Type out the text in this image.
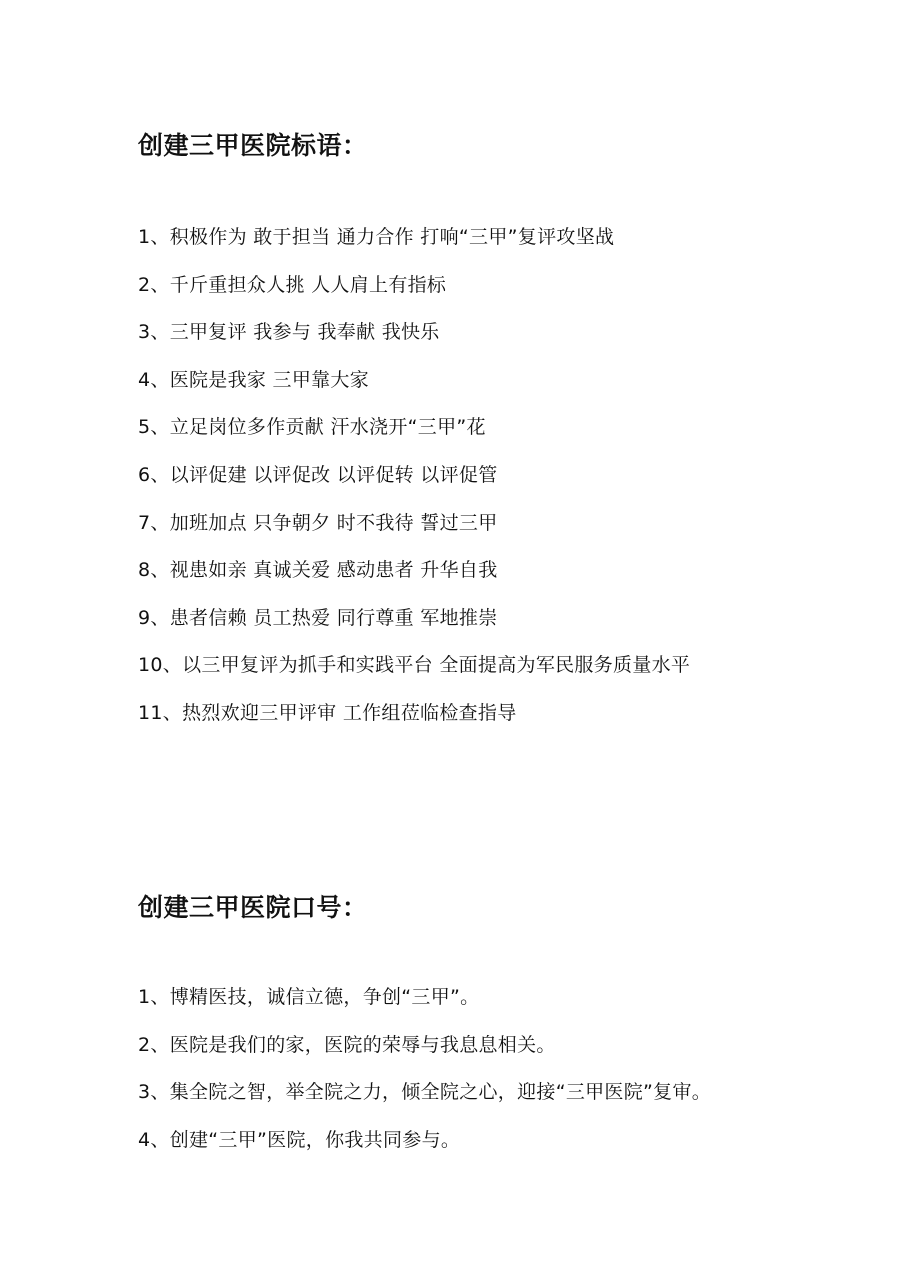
创建三甲医院标语：
1、积极作为 敢于担当 通力合作 打响“三甲”复评攻坚战
2、千斤重担众人挑 人人肩上有指标
3、三甲复评 我参与 我奉献 我快乐
4、医院是我家 三甲靠大家
5、立足岗位多作贡献 汗水浇开“三甲”花
6、以评促建 以评促改 以评促转 以评促管
7、加班加点 只争朝夕 时不我待 誓过三甲
8、视患如亲 真诚关爱 感动患者 升华自我
9、患者信赖 员工热爱 同行尊重 军地推崇
10、以三甲复评为抓手和实践平台 全面提高为军民服务质量水平
11、热烈欢迎三甲评审 工作组莅临检查指导
创建三甲医院口号：
1、博精医技，诚信立德，争创“三甲”。
2、医院是我们的家，医院的荣辱与我息息相关。
3、集全院之智，举全院之力，倾全院之心，迎接“三甲医院”复审。
4、创建“三甲”医院，你我共同参与。
